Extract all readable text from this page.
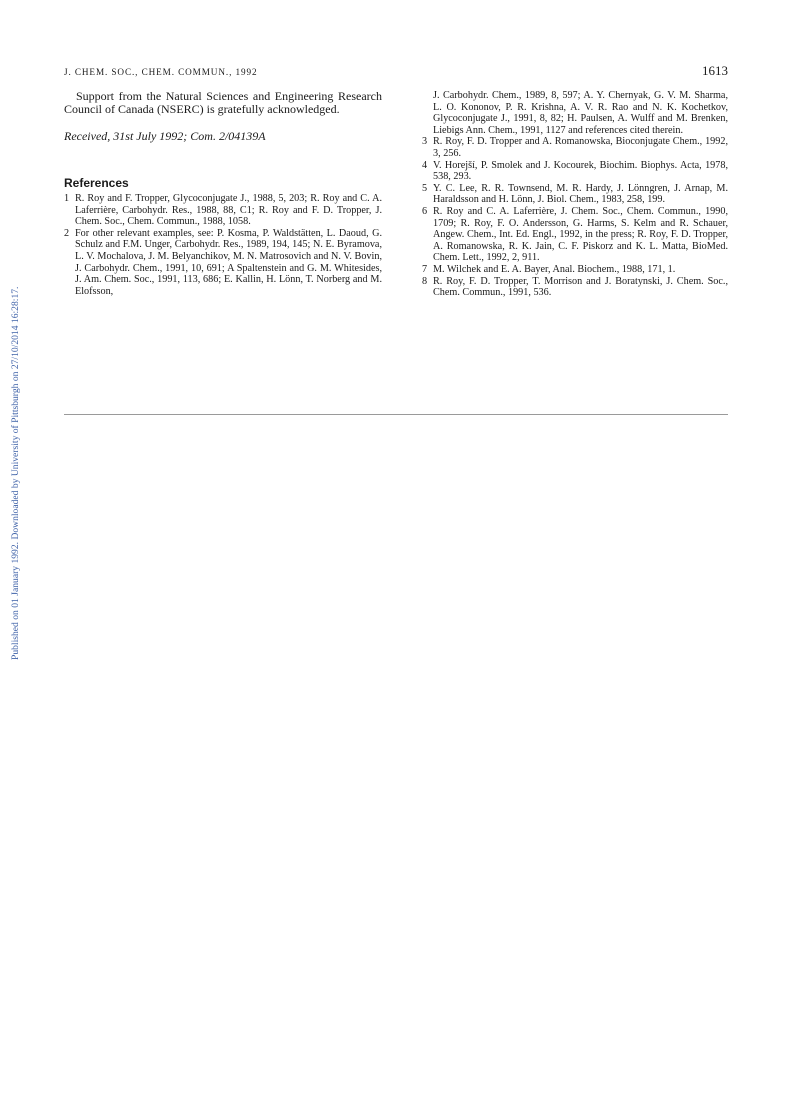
Published on 01 January 1992. Downloaded by University of Pittsburgh on 27/10/2014 16:28:17.
J. CHEM. SOC., CHEM. COMMUN., 1992	1613

Support from the Natural Sciences and Engineering Research Council of Canada (NSERC) is gratefully acknowledged.

Received, 31st July 1992; Com. 2/04139A

References
1 R. Roy and F. Tropper, Glycoconjugate J., 1988, 5, 203; R. Roy and C. A. Laferrière, Carbohydr. Res., 1988, 88, C1; R. Roy and F. D. Tropper, J. Chem. Soc., Chem. Commun., 1988, 1058.
2 For other relevant examples, see: P. Kosma, P. Waldstätten, L. Daoud, G. Schulz and F.M. Unger, Carbohydr. Res., 1989, 194, 145; N. E. Byramova, L. V. Mochalova, J. M. Belyanchikov, M. N. Matrosovich and N. V. Bovin, J. Carbohydr. Chem., 1991, 10, 691; A Spaltenstein and G. M. Whitesides, J. Am. Chem. Soc., 1991, 113, 686; E. Kallin, H. Lönn, T. Norberg and M. Elofsson,

J. Carbohydr. Chem., 1989, 8, 597; A. Y. Chernyak, G. V. M. Sharma, L. O. Kononov, P. R. Krishna, A. V. R. Rao and N. K. Kochetkov, Glycoconjugate J., 1991, 8, 82; H. Paulsen, A. Wulff and M. Brenken, Liebigs Ann. Chem., 1991, 1127 and references cited therein.

3 R. Roy, F. D. Tropper and A. Romanowska, Bioconjugate Chem., 1992, 3, 256.
4 V. Horejší, P. Smolek and J. Kocourek, Biochim. Biophys. Acta, 1978, 538, 293.
5 Y. C. Lee, R. R. Townsend, M. R. Hardy, J. Lönngren, J. Arnap, M. Haraldsson and H. Lönn, J. Biol. Chem., 1983, 258, 199.
6 R. Roy and C. A. Laferrière, J. Chem. Soc., Chem. Commun., 1990, 1709; R. Roy, F. O. Andersson, G. Harms, S. Kelm and R. Schauer, Angew. Chem., Int. Ed. Engl., 1992, in the press; R. Roy, F. D. Tropper, A. Romanowska, R. K. Jain, C. F. Piskorz and K. L. Matta, BioMed. Chem. Lett., 1992, 2, 911.
7 M. Wilchek and E. A. Bayer, Anal. Biochem., 1988, 171, 1.
8 R. Roy, F. D. Tropper, T. Morrison and J. Boratynski, J. Chem. Soc., Chem. Commun., 1991, 536.
